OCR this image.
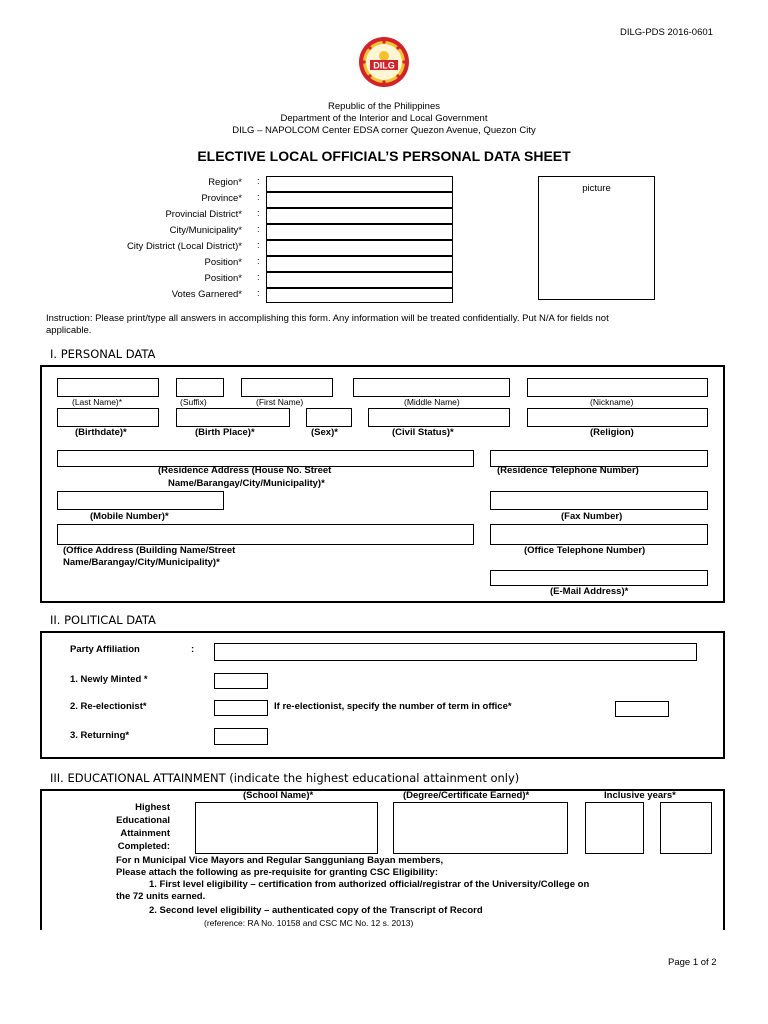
DILG-PDS 2016-0601
DILG
Republic of the Philippines
Department of the Interior and Local Government
DILG – NAPOLCOM Center EDSA corner Quezon Avenue, Quezon City
ELECTIVE LOCAL OFFICIAL’S PERSONAL DATA SHEET
Region* :
Province* :
Provincial District* :
City/Municipality* :
City District (Local District)* :
Position* :
Position* :
Votes Garnered* :
picture
Instruction: Please print/type all answers in accomplishing this form. Any information will be treated confidentially. Put N/A for fields not
applicable.
I. PERSONAL DATA
(Last Name)*	(Suffix)	(First Name)	(Middle Name)	(Nickname)
(Birthdate)*	(Birth Place)*	(Sex)*	(Civil Status)*	(Religion)
(Residence Address (House No. Street
Name/Barangay/City/Municipality)*
(Residence Telephone Number)
(Mobile Number)*	(Fax Number)
(Office Address (Building Name/Street
Name/Barangay/City/Municipality)*
(Office Telephone Number)
(E-Mail Address)*
II. POLITICAL DATA
Party Affiliation	:
1. Newly Minted *
2. Re-electionist*	If re-electionist, specify the number of term in office*
3. Returning*
III. EDUCATIONAL ATTAINMENT (indicate the highest educational attainment only)
(School Name)*	(Degree/Certificate Earned)*	Inclusive years*
Highest
Educational
Attainment
Completed:
For n Municipal Vice Mayors and Regular Sangguniang Bayan members,
Please attach the following as pre-requisite for granting CSC Eligibility:
1. First level eligibility – certification from authorized official/registrar of the University/College on
the 72 units earned.
2. Second level eligibility – authenticated copy of the Transcript of Record
(reference: RA No. 10158 and CSC MC No. 12 s. 2013)
Page 1 of 2
